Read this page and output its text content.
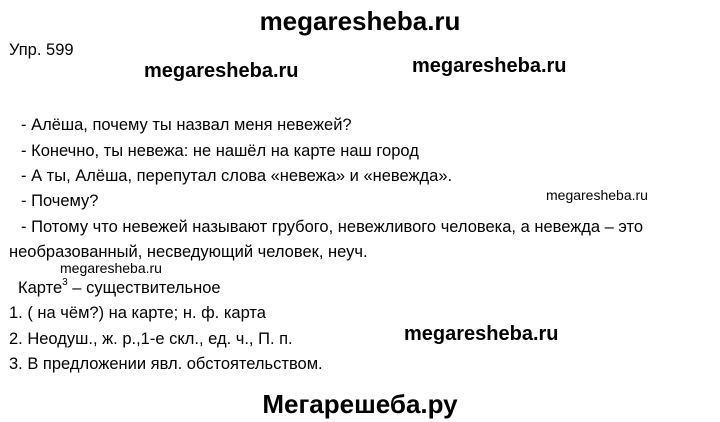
megaresheba.ru
Упр. 599
megaresheba.ru	megaresheba.ru
- Алёша, почему ты назвал меня невежей?
- Конечно, ты невежа: не нашёл на карте наш город
- А ты, Алёша, перепутал слова «невежа» и «невежда».
megaresheba.ru
- Почему?
- Потому что невежей называют грубого, невежливого человека, а невежда – это
необразованный, несведующий человек, неуч.
megaresheba.ru
Карте$^3$ – существительное
1. ( на чём?) на карте; н. ф. карта
megaresheba.ru
2. Неодуш., ж. р.,1-е скл., ед. ч., П. п.
3. В предложении явл. обстоятельством.
Мегарешеба.ру
